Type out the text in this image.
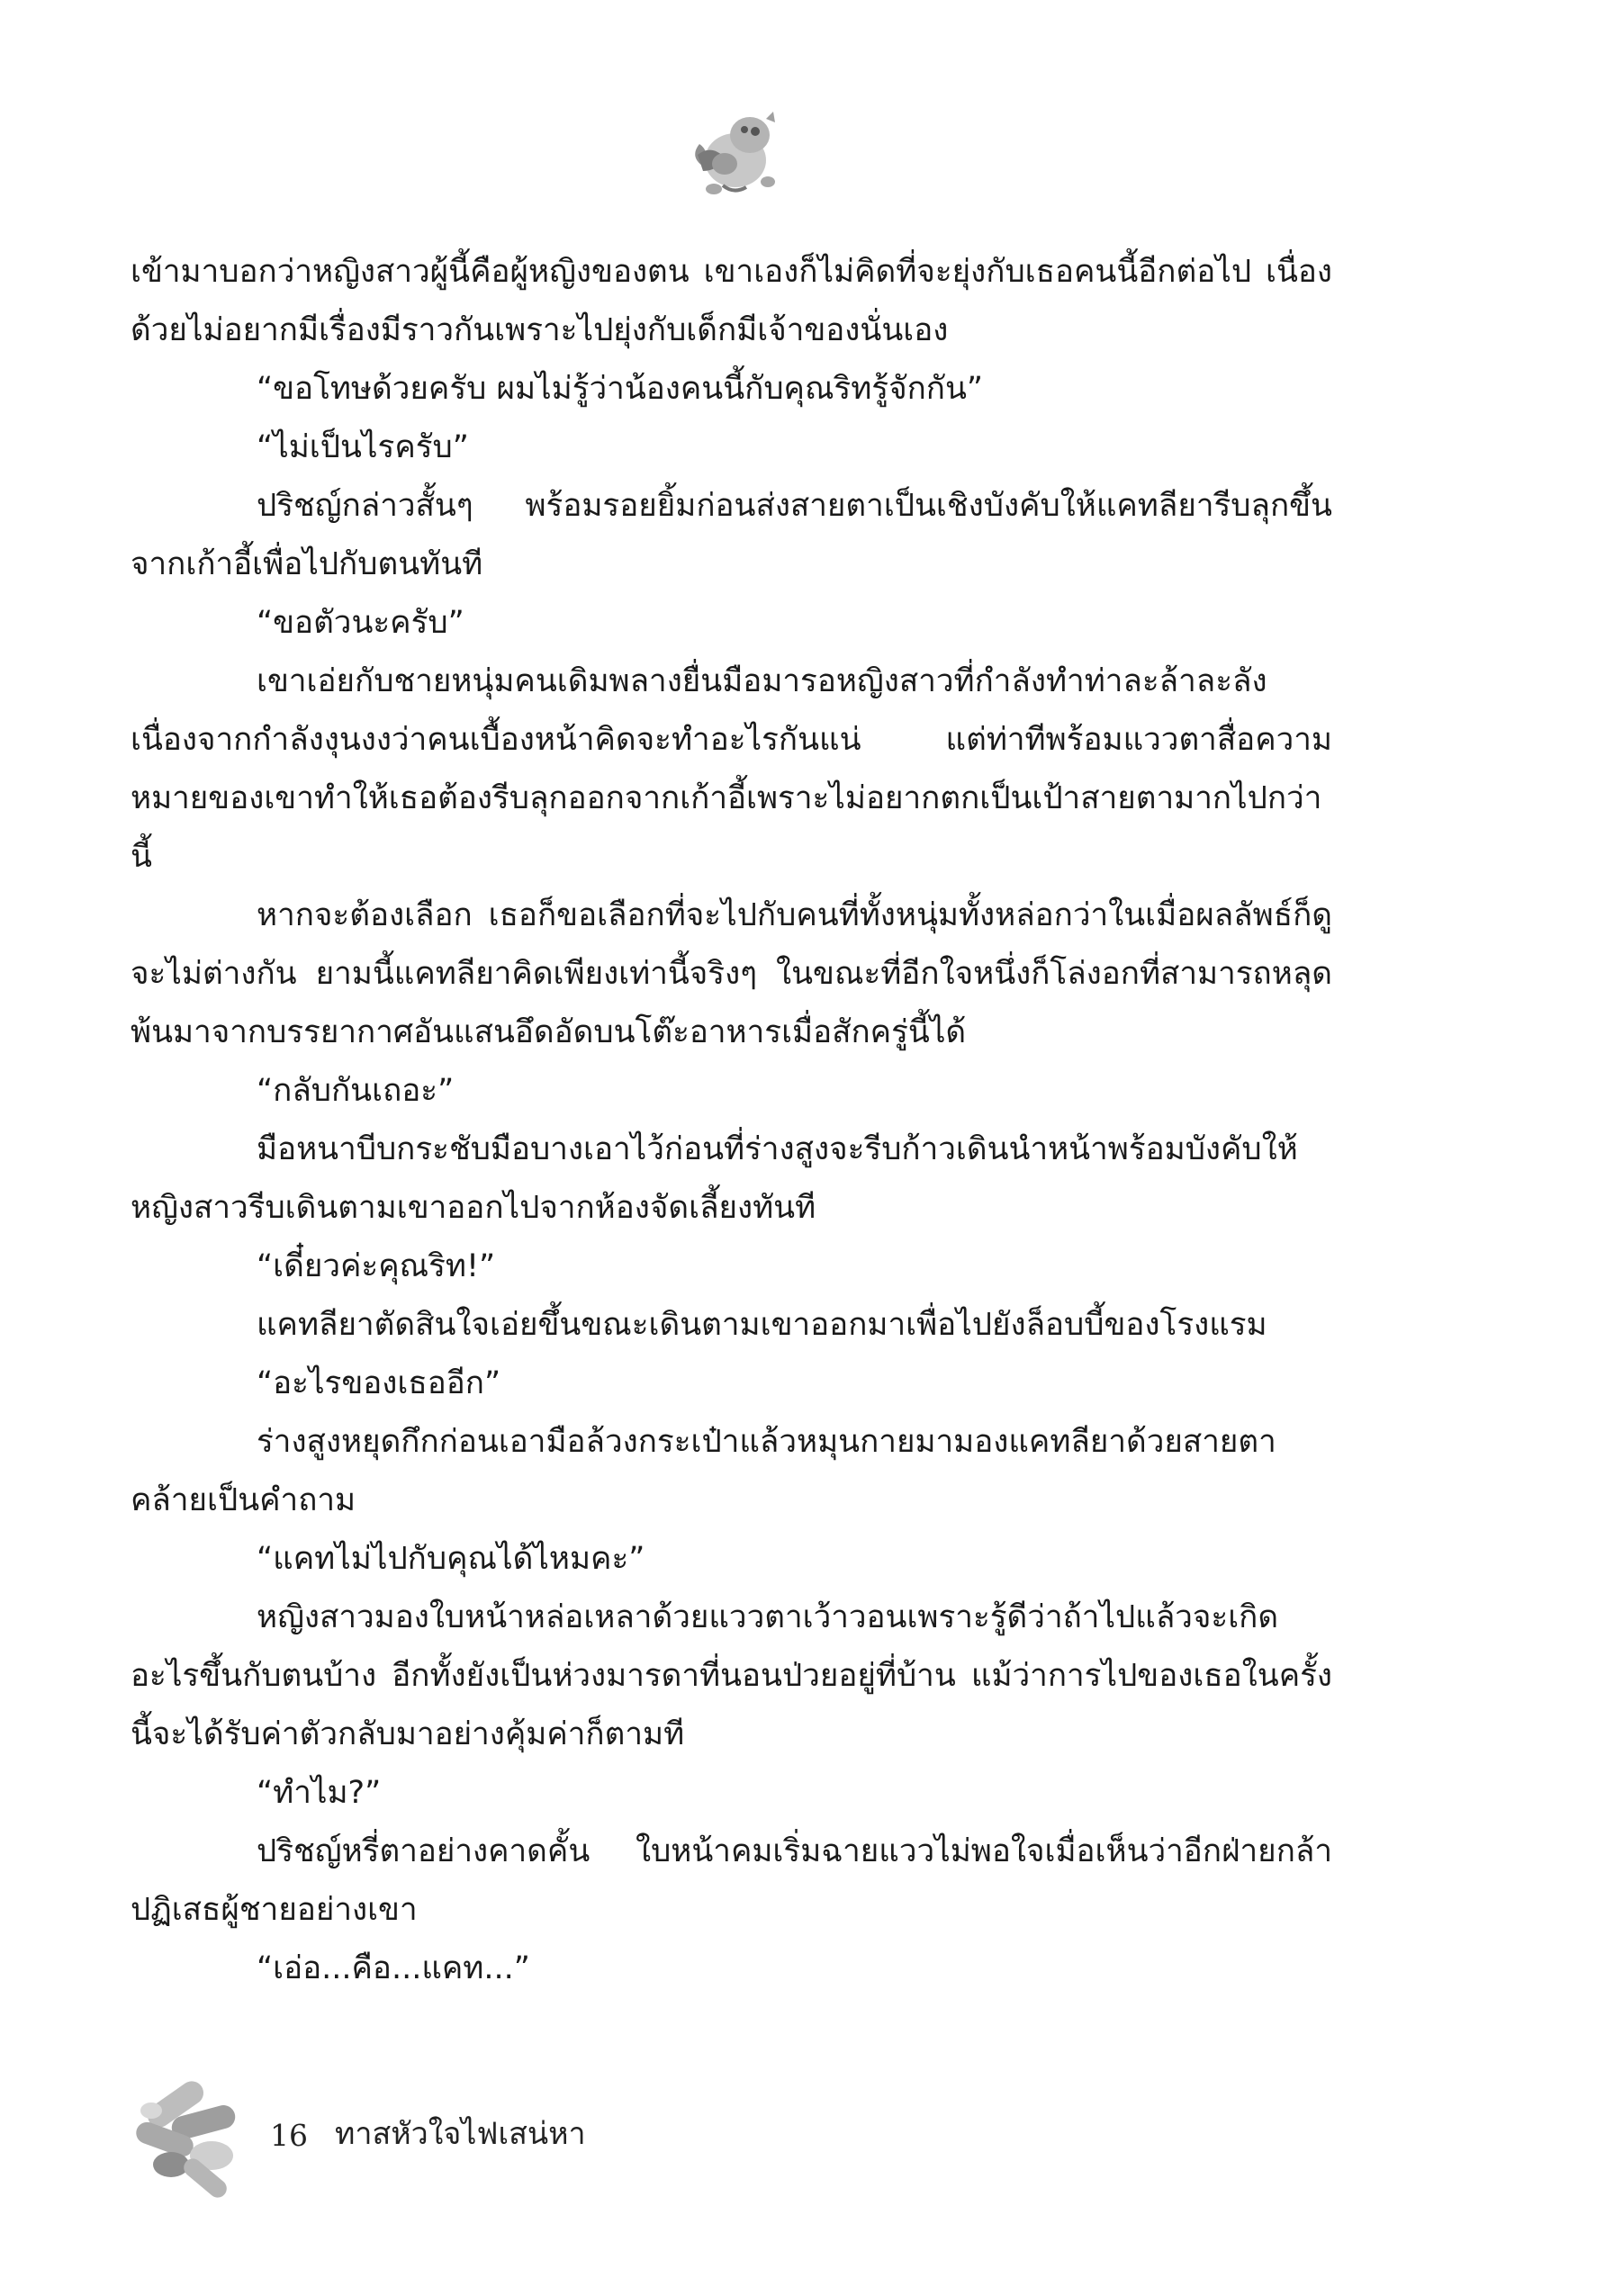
เข้ามาบอกว่าหญิงสาวผู้นี้คือผู้หญิงของตน เขาเองก็ไม่คิดที่จะยุ่งกับเธอคนนี้อีกต่อไป เนื่องด้วยไม่อยากมีเรื่องมีราวกันเพราะไปยุ่งกับเด็กมีเจ้าของนั่นเอง

“ขอโทษด้วยครับ ผมไม่รู้ว่าน้องคนนี้กับคุณริทรู้จักกัน”

“ไม่เป็นไรครับ”

ปริชญ์กล่าวสั้นๆ พร้อมรอยยิ้มก่อนส่งสายตาเป็นเชิงบังคับให้แคทลียารีบลุกขึ้นจากเก้าอี้เพื่อไปกับตนทันที

“ขอตัวนะครับ”

เขาเอ่ยกับชายหนุ่มคนเดิมพลางยื่นมือมารอหญิงสาวที่กำลังทำท่าละล้าละลังเนื่องจากกำลังงุนงงว่าคนเบื้องหน้าคิดจะทำอะไรกันแน่ แต่ท่าทีพร้อมแววตาสื่อความหมายของเขาทำให้เธอต้องรีบลุกออกจากเก้าอี้เพราะไม่อยากตกเป็นเป้าสายตามากไปกว่านี้

หากจะต้องเลือก เธอก็ขอเลือกที่จะไปกับคนที่ทั้งหนุ่มทั้งหล่อกว่าในเมื่อผลลัพธ์ก็ดูจะไม่ต่างกัน ยามนี้แคทลียาคิดเพียงเท่านี้จริงๆ ในขณะที่อีกใจหนึ่งก็โล่งอกที่สามารถหลุดพ้นมาจากบรรยากาศอันแสนอึดอัดบนโต๊ะอาหารเมื่อสักครู่นี้ได้

“กลับกันเถอะ”

มือหนาบีบกระชับมือบางเอาไว้ก่อนที่ร่างสูงจะรีบก้าวเดินนำหน้าพร้อมบังคับให้หญิงสาวรีบเดินตามเขาออกไปจากห้องจัดเลี้ยงทันที

“เดี๋ยวค่ะคุณริท!”

แคทลียาตัดสินใจเอ่ยขึ้นขณะเดินตามเขาออกมาเพื่อไปยังล็อบบี้ของโรงแรม

“อะไรของเธออีก”

ร่างสูงหยุดกึกก่อนเอามือล้วงกระเป๋าแล้วหมุนกายมามองแคทลียาด้วยสายตาคล้ายเป็นคำถาม

“แคทไม่ไปกับคุณได้ไหมคะ”

หญิงสาวมองใบหน้าหล่อเหลาด้วยแววตาเว้าวอนเพราะรู้ดีว่าถ้าไปแล้วจะเกิดอะไรขึ้นกับตนบ้าง อีกทั้งยังเป็นห่วงมารดาที่นอนป่วยอยู่ที่บ้าน แม้ว่าการไปของเธอในครั้งนี้จะได้รับค่าตัวกลับมาอย่างคุ้มค่าก็ตามที

“ทำไม?”

ปริชญ์หรี่ตาอย่างคาดคั้น ใบหน้าคมเริ่มฉายแววไม่พอใจเมื่อเห็นว่าอีกฝ่ายกล้าปฏิเสธผู้ชายอย่างเขา

“เอ่อ...คือ...แคท...”

16 ทาสหัวใจไฟเสน่หา
